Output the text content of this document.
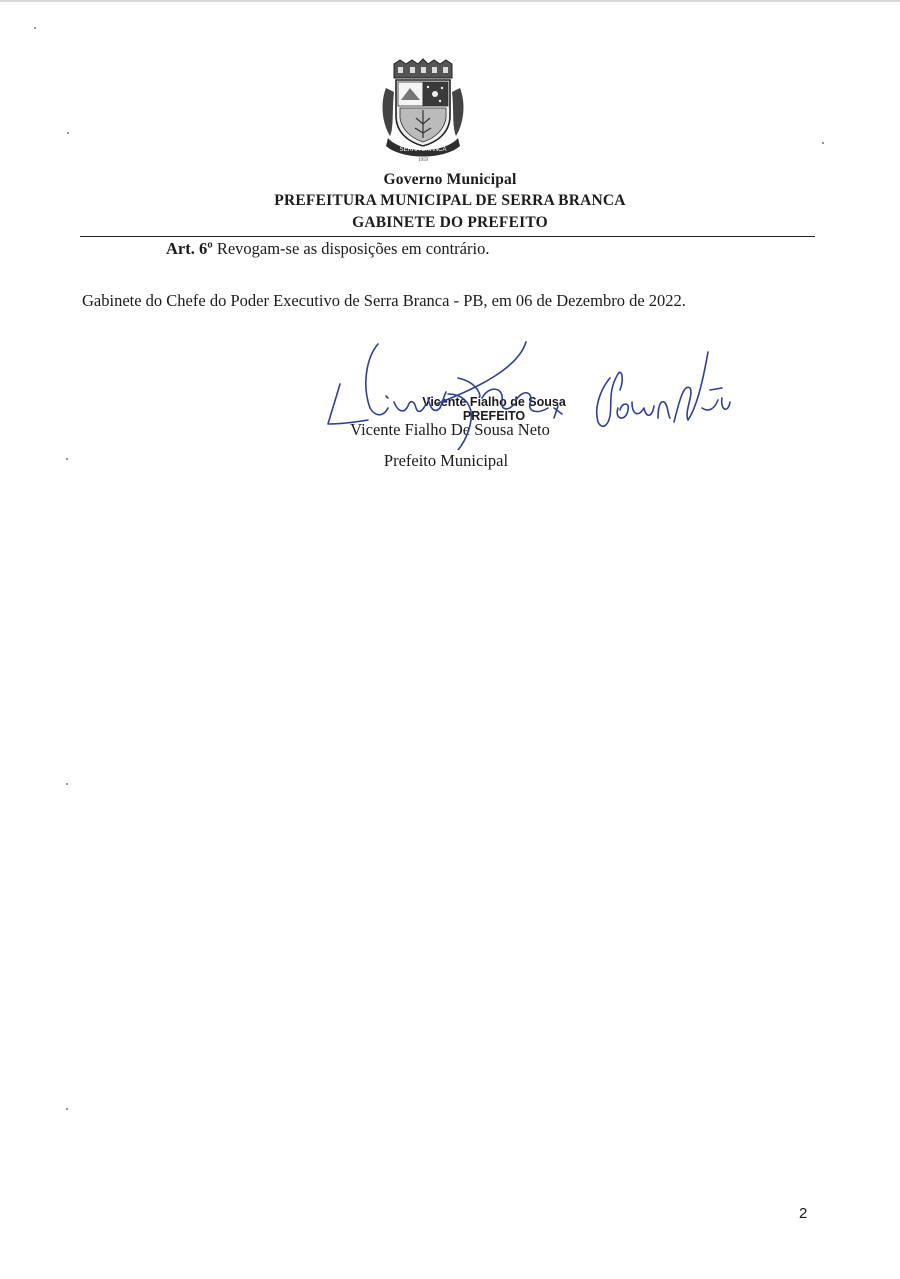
SERRA BRANCA
1959
Governo Municipal
PREFEITURA MUNICIPAL DE SERRA BRANCA
GABINETE DO PREFEITO
Art. 6º Revogam-se as disposições em contrário.
Gabinete do Chefe do Poder Executivo de Serra Branca - PB, em 06 de Dezembro de 2022.
Vicente Fialho De Sousa Neto
Vicente Fialho de Sousa
PREFEITO
Prefeito Municipal
2
